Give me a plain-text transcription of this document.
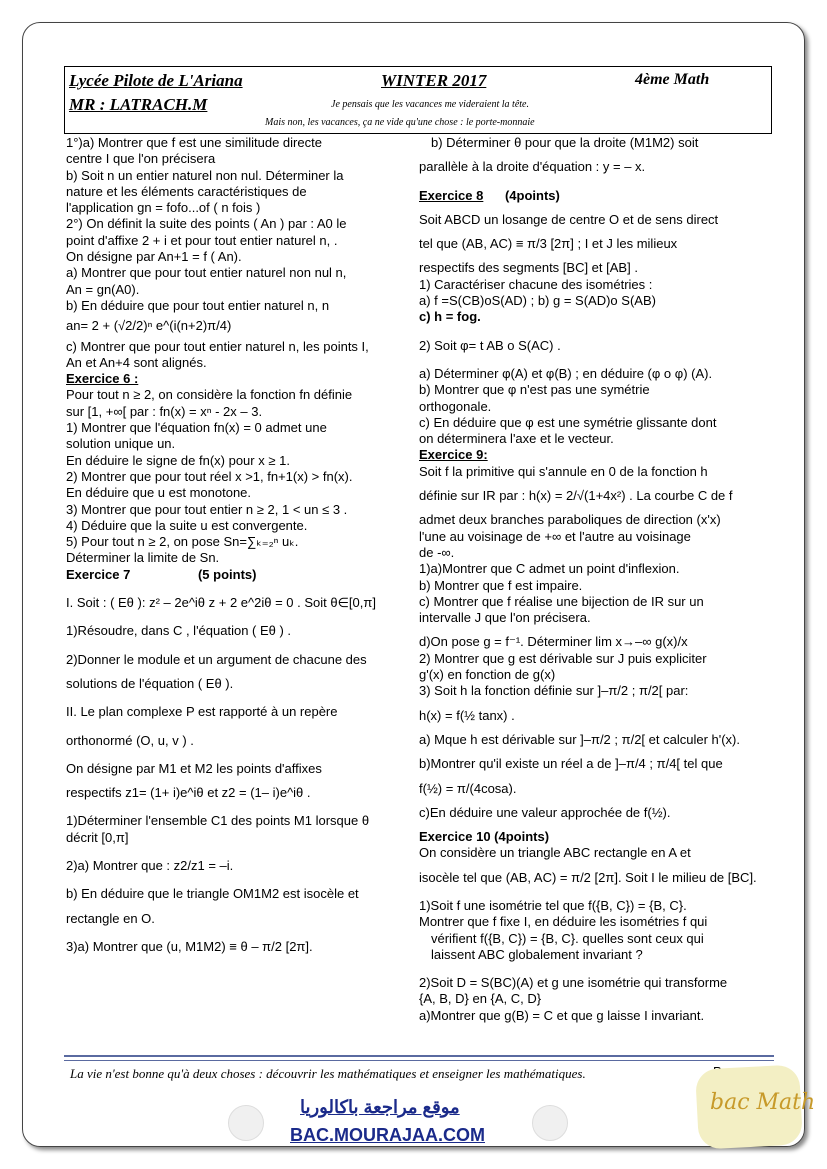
Lycée Pilote de L'Ariana
MR : LATRACH.M
WINTER 2017	4ème Math
Je pensais que les vacances me videraient la tête.
Mais non, les vacances, ça ne vide qu'une chose : le porte-monnaie

1°)a) Montrer que f est une similitude directe

centre I que l'on précisera

b) Soit n un entier naturel non nul. Déterminer la

nature et les éléments caractéristiques de

l'application gn = fofo...of ( n fois )

2°) On définit la suite des points ( An ) par : A0 le

point d'affixe 2 + i et pour tout entier naturel n, .

On désigne par An+1 = f ( An).

a) Montrer que pour tout entier naturel non nul n,

An = gn(A0).

b) En déduire que pour tout entier naturel n, n

an= 2 + (√2/2)ⁿ e^(i(n+2)π/4)

c) Montrer que pour tout entier naturel n, les points I,

An et An+4 sont alignés.

Exercice 6 :

Pour tout n ≥ 2, on considère la fonction fn définie

sur [1, +∞[ par : fn(x) = xⁿ - 2x – 3.

1) Montrer que l'équation fn(x) = 0 admet une

solution unique un.

En déduire le signe de fn(x) pour x ≥ 1.

2) Montrer que pour tout réel x >1, fn+1(x) > fn(x).

En déduire que u est monotone.

3) Montrer que pour tout entier n ≥ 2, 1 < un ≤ 3 .

4) Déduire que la suite u est convergente.

5) Pour tout n ≥ 2, on pose Sn=∑ₖ₌₂ⁿ uₖ.

Déterminer la limite de Sn.

Exercice 7	(5 points)

I. Soit : ( Eθ ): z² – 2e^iθ z + 2 e^2iθ = 0 . Soit θ∈[0,π]

1)Résoudre, dans C , l'équation ( Eθ ) .

2)Donner le module et un argument de chacune des

solutions de l'équation ( Eθ ).

II. Le plan complexe P est rapporté à un repère

orthonormé (O, u, v ) .

On désigne par M1 et M2 les points d'affixes

respectifs z1= (1+ i)e^iθ et z2 = (1– i)e^iθ .

1)Déterminer l'ensemble C1 des points M1 lorsque θ

décrit [0,π]

2)a) Montrer que : z2/z1 = –i.

b) En déduire que le triangle OM1M2 est isocèle et

rectangle en O.

3)a) Montrer que (u, M1M2) ≡ θ – π/2 [2π].

b) Déterminer θ pour que la droite (M1M2) soit

parallèle à la droite d'équation : y = – x.

Exercice 8 (4points)

Soit ABCD un losange de centre O et de sens direct

tel que (AB, AC) ≡ π/3 [2π] ; I et J les milieux

respectifs des segments [BC] et [AB] .

1) Caractériser chacune des isométries :

a) f =S(CB)oS(AD) ; b) g = S(AD)o S(AB)

c) h = fog.

2) Soit φ= t AB o S(AC) .

a) Déterminer φ(A) et φ(B) ; en déduire (φ o φ) (A).

b) Montrer que φ n'est pas une symétrie

orthogonale.

c) En déduire que φ est une symétrie glissante dont

on déterminera l'axe et le vecteur.

Exercice 9:

Soit f la primitive qui s'annule en 0 de la fonction h

définie sur IR par : h(x) = 2/√(1+4x²) . La courbe C de f

admet deux branches paraboliques de direction (x'x)

l'une au voisinage de +∞ et l'autre au voisinage

de -∞.

1)a)Montrer que C admet un point d'inflexion.

b) Montrer que f est impaire.

c) Montrer que f réalise une bijection de IR sur un

intervalle J que l'on précisera.

d)On pose g = f⁻¹. Déterminer lim x→–∞ g(x)/x

2) Montrer que g est dérivable sur J puis expliciter

g'(x) en fonction de g(x)

3) Soit h la fonction définie sur ]–π/2 ; π/2[ par:

h(x) = f(½ tanx) .

a) Mque h est dérivable sur ]–π/2 ; π/2[ et calculer h'(x).

b)Montrer qu'il existe un réel a de ]–π/4 ; π/4[ tel que

f(½) = π/(4cosa).

c)En déduire une valeur approchée de f(½).

Exercice 10 (4points)

On considère un triangle ABC rectangle en A et

isocèle tel que (AB, AC) = π/2 [2π]. Soit I le milieu de [BC].

1)Soit f une isométrie tel que f({B, C}) = {B, C}.

Montrer que f fixe I, en déduire les isométries f qui

vérifient f({B, C}) = {B, C}. quelles sont ceux qui

laissent ABC globalement invariant ?

2)Soit D = S(BC)(A) et g une isométrie qui transforme

{A, B, D} en {A, C, D}

a)Montrer que g(B) = C et que g laisse I invariant.

La vie n'est bonne qu'à deux choses : découvrir les mathématiques et enseigner les mathématiques.
bac Math
موقع مراجعة باكالوريا
BAC.MOURAJAA.COM
